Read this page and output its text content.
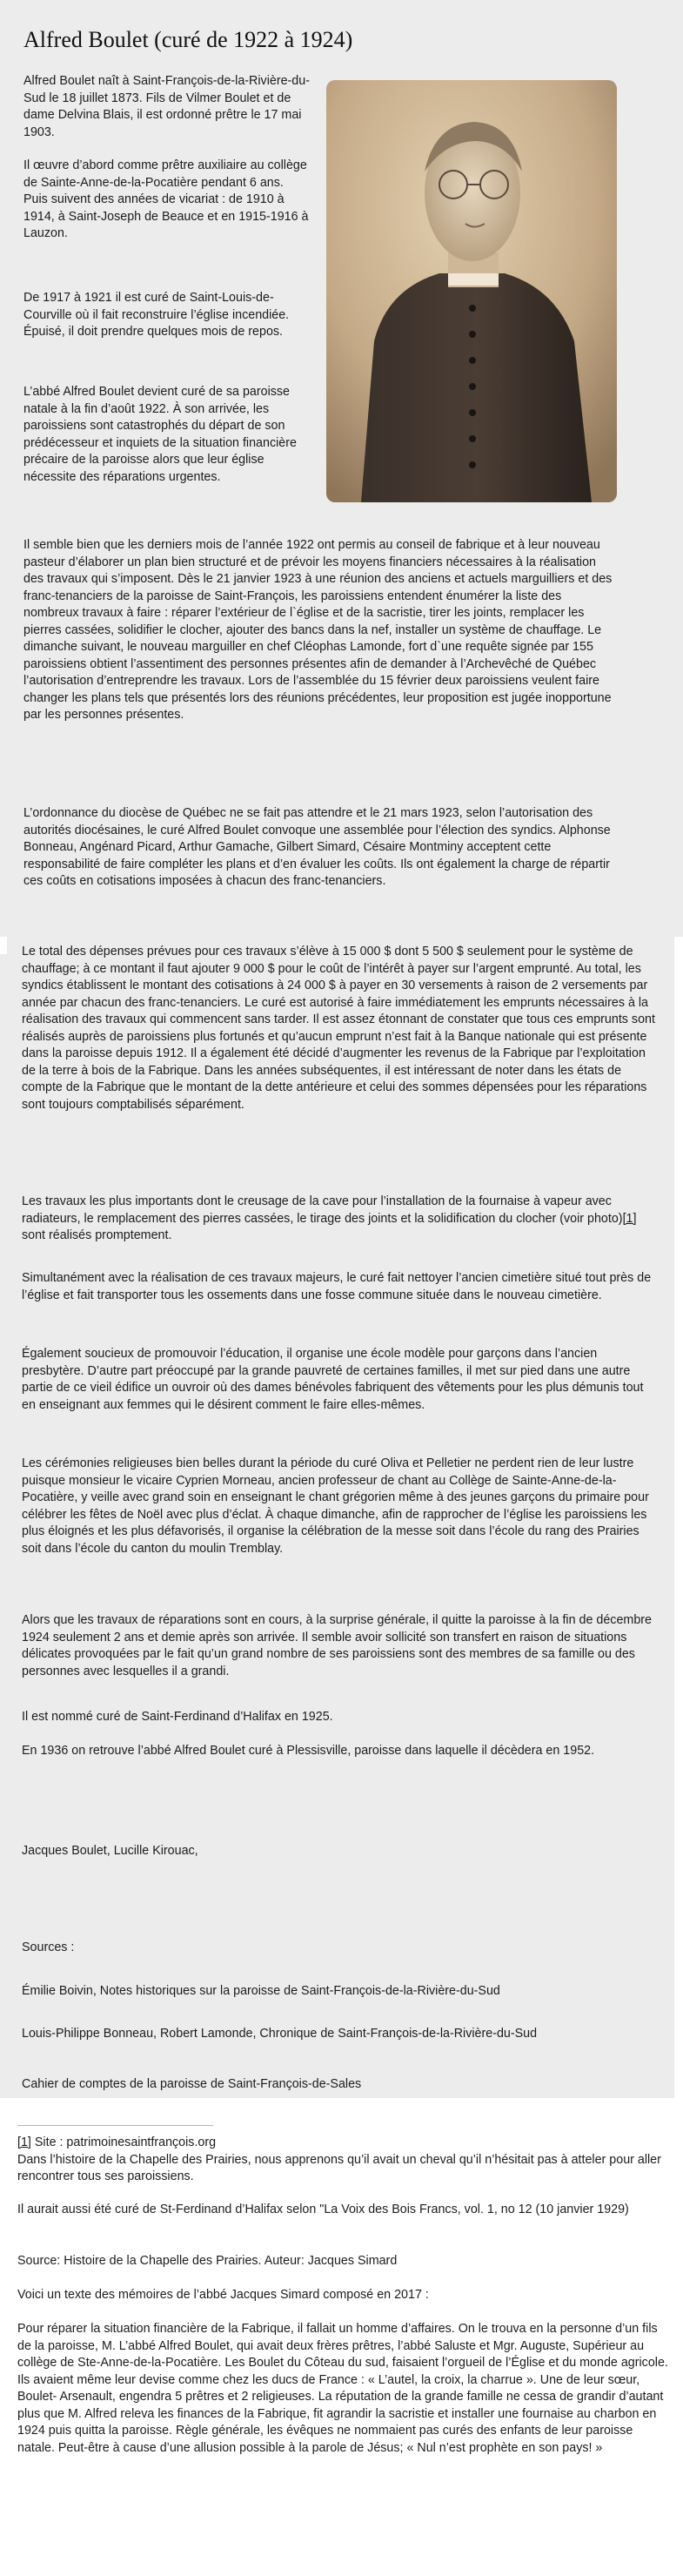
Alfred Boulet (curé de 1922 à 1924)

Alfred Boulet naît à Saint-François-de-la-Rivière-du-Sud le 18 juillet 1873. Fils de Vilmer Boulet et de dame Delvina Blais, il est ordonné prêtre le 17 mai 1903.

Il œuvre d’abord comme prêtre auxiliaire au collège de Sainte-Anne-de-la-Pocatière pendant 6 ans. Puis suivent des années de vicariat : de 1910 à 1914, à Saint-Joseph de Beauce et en 1915-1916 à Lauzon.

De 1917 à 1921 il est curé de Saint-Louis-de-Courville où il fait reconstruire l’église incendiée. Épuisé, il doit prendre quelques mois de repos.

L’abbé Alfred Boulet devient curé de sa paroisse natale à la fin d’août 1922. À son arrivée, les paroissiens sont catastrophés du départ de son prédécesseur et inquiets de la situation financière précaire de la paroisse alors que leur église nécessite des réparations urgentes.

Il semble bien que les derniers mois de l’année 1922 ont permis au conseil de fabrique et à leur nouveau pasteur d’élaborer un plan bien structuré et de prévoir les moyens financiers nécessaires à la réalisation des travaux qui s’imposent. Dès le 21 janvier 1923 à une réunion des anciens et actuels marguilliers et des franc-tenanciers de la paroisse de Saint-François, les paroissiens entendent énumérer la liste des nombreux travaux à faire : réparer l’extérieur de l`église et de la sacristie, tirer les joints, remplacer les pierres cassées, solidifier le clocher, ajouter des bancs dans la nef, installer un système de chauffage. Le dimanche suivant, le nouveau marguiller en chef Cléophas Lamonde, fort d`une requête signée par 155 paroissiens obtient l’assentiment des personnes présentes afin de demander à l’Archevêché de Québec l’autorisation d’entreprendre les travaux. Lors de l’assemblée du 15 février deux paroissiens veulent faire changer les plans tels que présentés lors des réunions précédentes, leur proposition est jugée inopportune par les personnes présentes.

L’ordonnance du diocèse de Québec ne se fait pas attendre et le 21 mars 1923, selon l’autorisation des autorités diocésaines, le curé Alfred Boulet convoque une assemblée pour l’élection des syndics. Alphonse Bonneau, Angénard Picard, Arthur Gamache, Gilbert Simard, Césaire Montminy acceptent cette responsabilité de faire compléter les plans et d’en évaluer les coûts. Ils ont également la charge de répartir ces coûts en cotisations imposées à chacun des franc-tenanciers.

Le total des dépenses prévues pour ces travaux s’élève à 15 000 $ dont 5 500 $ seulement pour le système de chauffage; à ce montant il faut ajouter 9 000 $ pour le coût de l’intérêt à payer sur l’argent emprunté. Au total, les syndics établissent le montant des cotisations à 24 000 $ à payer en 30 versements à raison de 2 versements par année par chacun des franc-tenanciers. Le curé est autorisé à faire immédiatement les emprunts nécessaires à la réalisation des travaux qui commencent sans tarder. Il est assez étonnant de constater que tous ces emprunts sont réalisés auprès de paroissiens plus fortunés et qu’aucun emprunt n’est fait à la Banque nationale qui est présente dans la paroisse depuis 1912. Il a également été décidé d’augmenter les revenus de la Fabrique par l’exploitation de la terre à bois de la Fabrique. Dans les années subséquentes, il est intéressant de noter dans les états de compte de la Fabrique que le montant de la dette antérieure et celui des sommes dépensées pour les réparations sont toujours comptabilisés séparément.

Les travaux les plus importants dont le creusage de la cave pour l’installation de la fournaise à vapeur avec radiateurs, le remplacement des pierres cassées, le tirage des joints et la solidification du clocher (voir photo)[1] sont réalisés promptement.

Simultanément avec la réalisation de ces travaux majeurs, le curé fait nettoyer l’ancien cimetière situé tout près de l’église et fait transporter tous les ossements dans une fosse commune située dans le nouveau cimetière.

Également soucieux de promouvoir l’éducation, il organise une école modèle pour garçons dans l’ancien presbytère. D’autre part préoccupé par la grande pauvreté de certaines familles, il met sur pied dans une autre partie de ce vieil édifice un ouvroir où des dames bénévoles fabriquent des vêtements pour les plus démunis tout en enseignant aux femmes qui le désirent comment le faire elles-mêmes.

Les cérémonies religieuses bien belles durant la période du curé Oliva et Pelletier ne perdent rien de leur lustre puisque monsieur le vicaire Cyprien Morneau, ancien professeur de chant au Collège de Sainte-Anne-de-la-Pocatière, y veille avec grand soin en enseignant le chant grégorien même à des jeunes garçons du primaire pour célébrer les fêtes de Noël avec plus d’éclat. À chaque dimanche, afin de rapprocher de l’église les paroissiens les plus éloignés et les plus défavorisés, il organise la célébration de la messe soit dans l’école du rang des Prairies soit dans l’école du canton du moulin Tremblay.

Alors que les travaux de réparations sont en cours, à la surprise générale, il quitte la paroisse à la fin de décembre 1924 seulement 2 ans et demie après son arrivée. Il semble avoir sollicité son transfert en raison de situations délicates provoquées par le fait qu’un grand nombre de ses paroissiens sont des membres de sa famille ou des personnes avec lesquelles il a grandi.

Il est nommé curé de Saint-Ferdinand d’Halifax en 1925.

En 1936 on retrouve l’abbé Alfred Boulet curé à Plessisville, paroisse dans laquelle il décèdera en 1952.

Jacques Boulet, Lucille Kirouac,

Sources :

Émilie Boivin, Notes historiques sur la paroisse de Saint-François-de-la-Rivière-du-Sud

Louis-Philippe Bonneau, Robert Lamonde, Chronique de Saint-François-de-la-Rivière-du-Sud

Cahier de comptes de la paroisse de Saint-François-de-Sales

[1] Site : patrimoinesaintfrançois.org
Dans l’histoire de la Chapelle des Prairies, nous apprenons qu’il avait un cheval qu’il n’hésitait pas à atteler pour aller rencontrer tous ses paroissiens.

Il aurait aussi été curé de St-Ferdinand d’Halifax selon "La Voix des Bois Francs, vol. 1, no 12 (10 janvier 1929)

Source: Histoire de la Chapelle des Prairies. Auteur: Jacques Simard

Voici un texte des mémoires de l’abbé Jacques Simard composé en 2017 :

Pour réparer la situation financière de la Fabrique, il fallait un homme d’affaires. On le trouva en la personne d’un fils de la paroisse, M. L’abbé Alfred Boulet, qui avait deux frères prêtres, l’abbé Saluste et Mgr. Auguste, Supérieur au collège de Ste-Anne-de-la-Pocatière. Les Boulet du Côteau du sud, faisaient l’orgueil de l’Église et du monde agricole. Ils avaient même leur devise comme chez les ducs de France : « L’autel, la croix, la charrue ». Une de leur sœur, Boulet- Arsenault, engendra 5 prêtres et 2 religieuses. La réputation de la grande famille ne cessa de grandir d’autant plus que M. Alfred releva les finances de la Fabrique, fit agrandir la sacristie et installer une fournaise au charbon en 1924 puis quitta la paroisse. Règle générale, les évêques ne nommaient pas curés des enfants de leur paroisse natale. Peut-être à cause d’une allusion possible à la parole de Jésus; « Nul n’est prophète en son pays! »
